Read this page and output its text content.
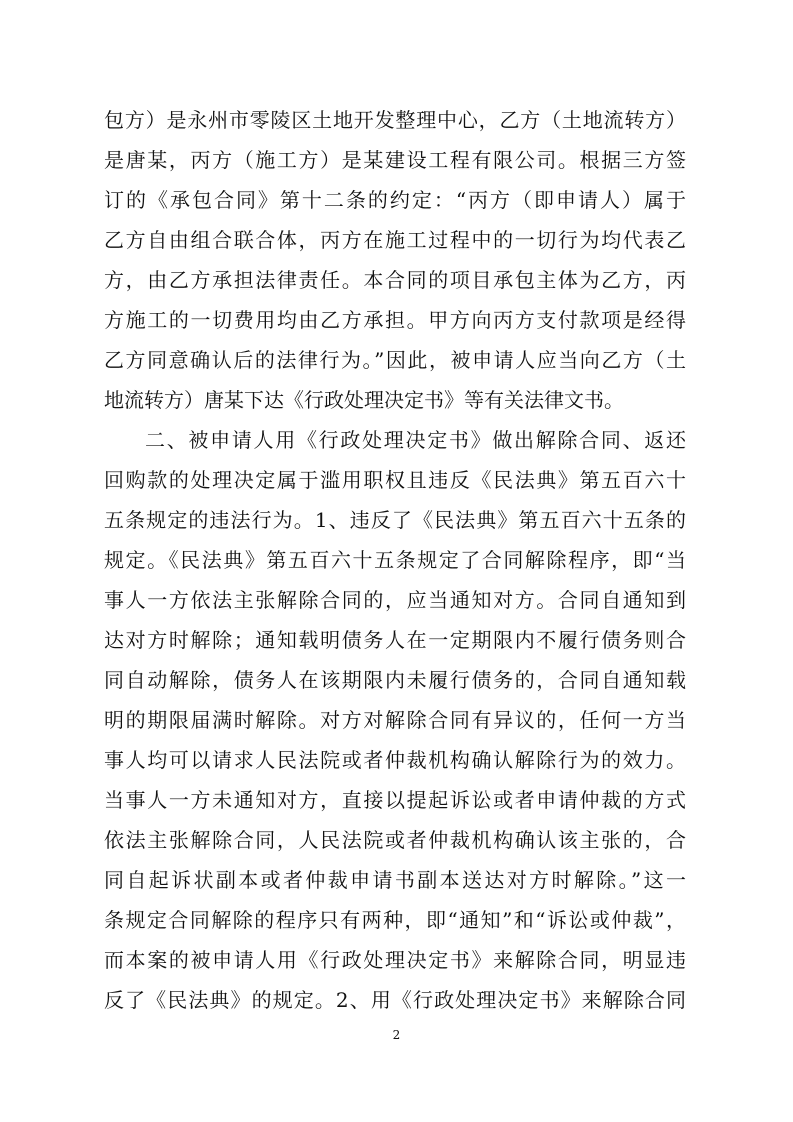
包方）是永州市零陵区土地开发整理中心，乙方（土地流转方）
是唐某，丙方（施工方）是某建设工程有限公司。根据三方签
订的《承包合同》第十二条的约定：“丙方（即申请人）属于
乙方自由组合联合体，丙方在施工过程中的一切行为均代表乙
方，由乙方承担法律责任。本合同的项目承包主体为乙方，丙
方施工的一切费用均由乙方承担。甲方向丙方支付款项是经得
乙方同意确认后的法律行为。”因此，被申请人应当向乙方（土
地流转方）唐某下达《行政处理决定书》等有关法律文书。
二、被申请人用《行政处理决定书》做出解除合同、返还
回购款的处理决定属于滥用职权且违反《民法典》第五百六十
五条规定的违法行为。1、违反了《民法典》第五百六十五条的
规定。《民法典》第五百六十五条规定了合同解除程序，即“当
事人一方依法主张解除合同的，应当通知对方。合同自通知到
达对方时解除；通知载明债务人在一定期限内不履行债务则合
同自动解除，债务人在该期限内未履行债务的，合同自通知载
明的期限届满时解除。对方对解除合同有异议的，任何一方当
事人均可以请求人民法院或者仲裁机构确认解除行为的效力。
当事人一方未通知对方，直接以提起诉讼或者申请仲裁的方式
依法主张解除合同，人民法院或者仲裁机构确认该主张的，合
同自起诉状副本或者仲裁申请书副本送达对方时解除。”这一
条规定合同解除的程序只有两种，即“通知”和“诉讼或仲裁”，
而本案的被申请人用《行政处理决定书》来解除合同，明显违
反了《民法典》的规定。2、用《行政处理决定书》来解除合同
2
